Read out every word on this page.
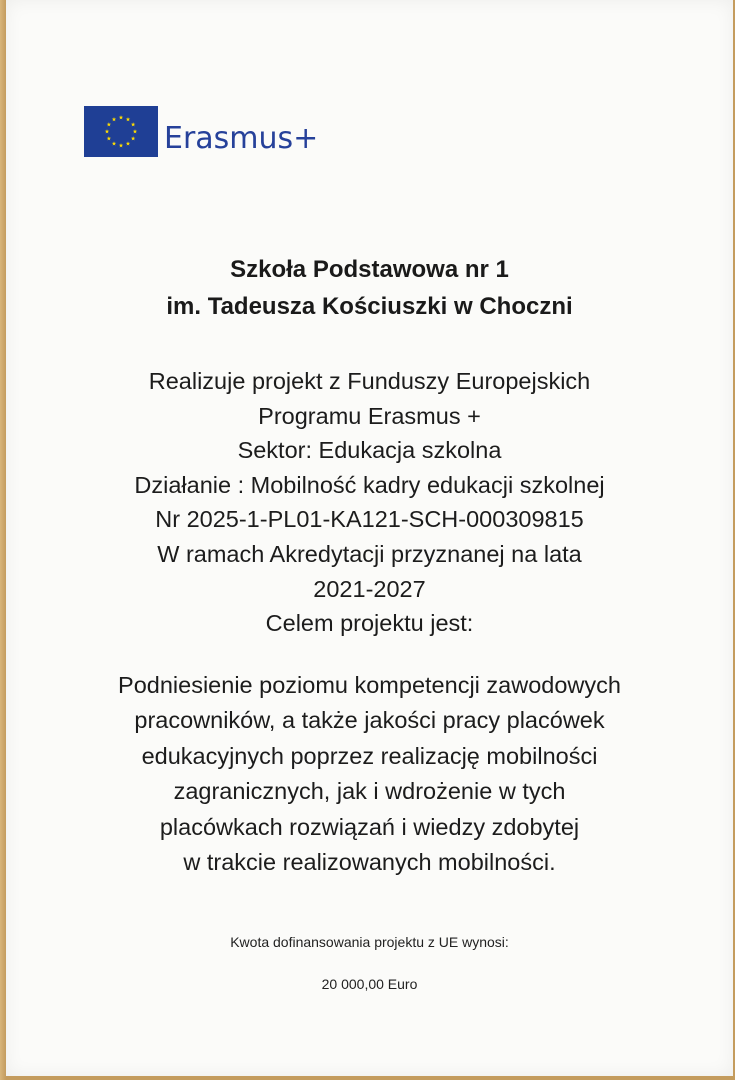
Erasmus+
Szkoła Podstawowa nr 1
im. Tadeusza Kościuszki w Choczni
Realizuje projekt z Funduszy Europejskich
Programu Erasmus +
Sektor: Edukacja szkolna
Działanie : Mobilność kadry edukacji szkolnej
Nr 2025-1-PL01-KA121-SCH-000309815
W ramach Akredytacji przyznanej na lata
2021-2027
Celem projektu jest:
Podniesienie poziomu kompetencji zawodowych
pracowników, a także jakości pracy placówek
edukacyjnych poprzez realizację mobilności
zagranicznych, jak i wdrożenie w tych
placówkach rozwiązań i wiedzy zdobytej
w trakcie realizowanych mobilności.
Kwota dofinansowania projektu z UE wynosi:
20 000,00 Euro
